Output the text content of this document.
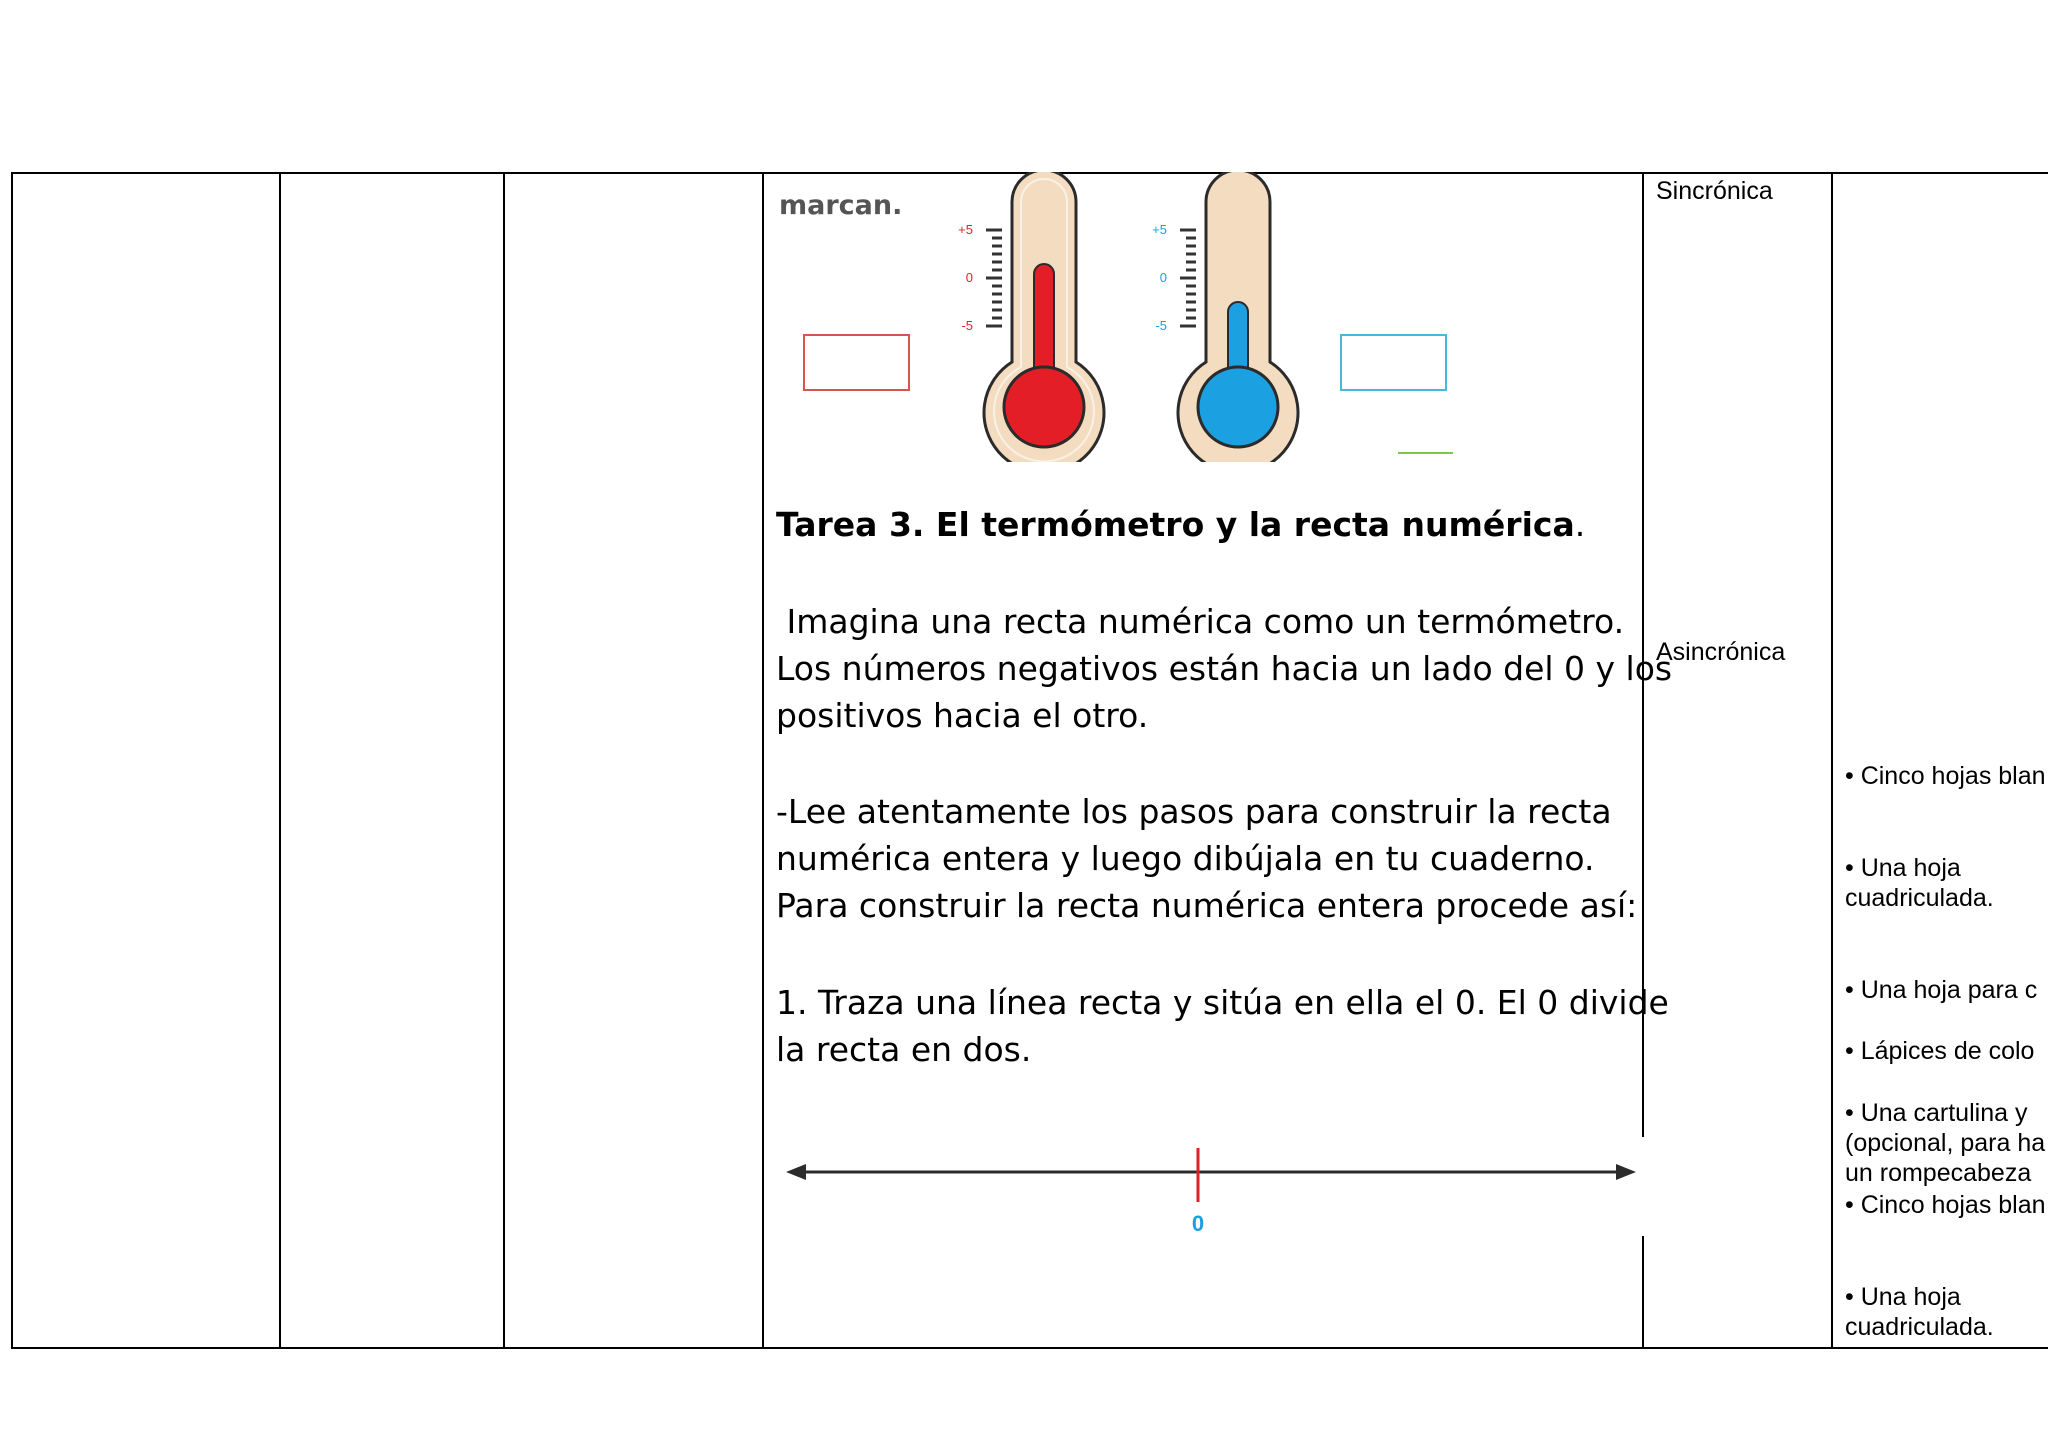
Sincrónica
Asincrónica
marcan.
+5
0
-5
+5
0
-5
Tarea 3. El termómetro y la recta numérica.
Imagina una recta numérica como un termómetro.
Los números negativos están hacia un lado del 0 y los
positivos hacia el otro.
-Lee atentamente los pasos para construir la recta
numérica entera y luego dibújala en tu cuaderno.
Para construir la recta numérica entera procede así:
1. Traza una línea recta y sitúa en ella el 0. El 0 divide
la recta en dos.
0
• Cinco hojas blan
• Una hoja
cuadriculada.
• Una hoja para c
• Lápices de colo
• Una cartulina y
(opcional, para ha
un rompecabeza
• Cinco hojas blan
• Una hoja
cuadriculada.
